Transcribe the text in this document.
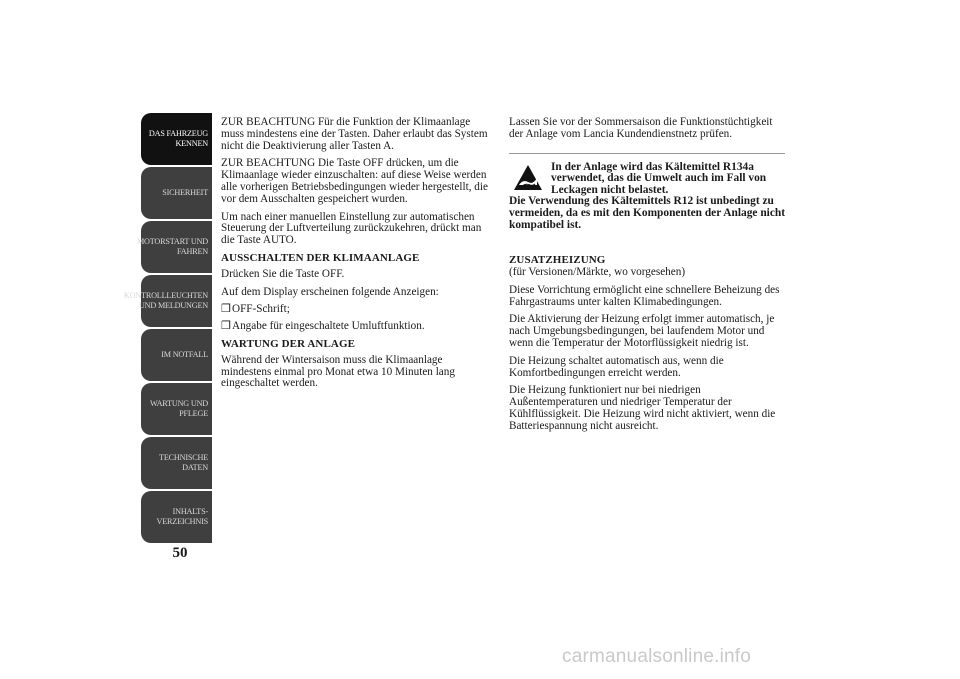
DAS FAHRZEUG
KENNEN
SICHERHEIT
MOTORSTART UND
FAHREN
KONTROLLLEUCHTEN
UND MELDUNGEN
IM NOTFALL
WARTUNG UND
PFLEGE
TECHNISCHE
DATEN
INHALTS-
VERZEICHNIS
50

ZUR BEACHTUNG Für die Funktion der Klimaanlage muss mindestens eine der Tasten. Daher erlaubt das System nicht die Deaktivierung aller Tasten A.

ZUR BEACHTUNG Die Taste OFF drücken, um die Klimaanlage wieder einzuschalten: auf diese Weise werden alle vorherigen Betriebsbedingungen wieder hergestellt, die vor dem Ausschalten gespeichert wurden.

Um nach einer manuellen Einstellung zur automatischen Steuerung der Luftverteilung zurückzukehren, drückt man die Taste AUTO.

AUSSCHALTEN DER KLIMAANLAGE

Drücken Sie die Taste OFF.

Auf dem Display erscheinen folgende Anzeigen:

❒ OFF-Schrift;
❒ Angabe für eingeschaltete Umluftfunktion.
WARTUNG DER ANLAGE

Während der Wintersaison muss die Klimaanlage mindestens einmal pro Monat etwa 10 Minuten lang eingeschaltet werden.

Lassen Sie vor der Sommersaison die Funktionstüchtigkeit der Anlage vom Lancia Kundendienstnetz prüfen.

In der Anlage wird das Kältemittel R134a verwendet, das die Umwelt auch im Fall von Leckagen nicht belastet.
Die Verwendung des Kältemittels R12 ist unbedingt zu vermeiden, da es mit den Komponenten der Anlage nicht kompatibel ist.
ZUSATZHEIZUNG

(für Versionen/Märkte, wo vorgesehen)

Diese Vorrichtung ermöglicht eine schnellere Beheizung des Fahrgastraums unter kalten Klimabedingungen.

Die Aktivierung der Heizung erfolgt immer automatisch, je nach Umgebungsbedingungen, bei laufendem Motor und wenn die Temperatur der Motorflüssigkeit niedrig ist.

Die Heizung schaltet automatisch aus, wenn die Komfortbedingungen erreicht werden.

Die Heizung funktioniert nur bei niedrigen Außentemperaturen und niedriger Temperatur der Kühlflüssigkeit. Die Heizung wird nicht aktiviert, wenn die Batteriespannung nicht ausreicht.

carmanualsonline.info
